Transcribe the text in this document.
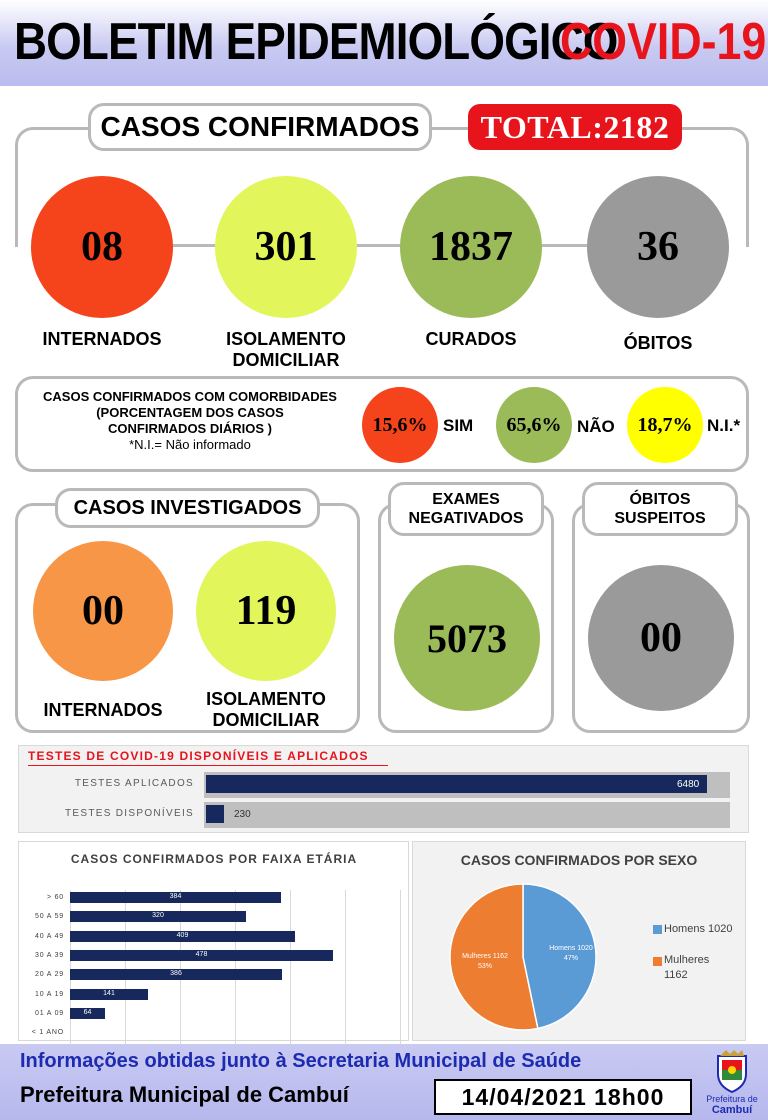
BOLETIM EPIDEMIOLÓGICO
COVID-19
CASOS CONFIRMADOS	TOTAL:2182
08	301	1837	36
INTERNADOS	ISOLAMENTO
DOMICILIAR
CURADOS	ÓBITOS
CASOS CONFIRMADOS COM COMORBIDADES
(PORCENTAGEM DOS CASOS
CONFIRMADOS DIÁRIOS )
*N.I.= Não informado
15,6% SIM 65,6% NÃO 18,7% N.I.*
CASOS INVESTIGADOS
00	119
INTERNADOS
ISOLAMENTO
DOMICILIAR
EXAMES
NEGATIVADOS
5073
ÓBITOS
SUSPEITOS
00
TESTES DE COVID-19 DISPONÍVEIS E APLICADOS
TESTES APLICADOS
TESTES DISPONÍVEIS
6480
230
CASOS CONFIRMADOS POR FAIXA ETÁRIA
> 60	384
50 A 59	320
40 A 49	409
30 A 39	478
20 A 29	386
10 A 19	141
01 A 09	64
< 1 ANO
CASOS CONFIRMADOS POR SEXO
Homens 1020
47%
Mulheres 1162
53%
Homens 1020
Mulheres
1162
Informações obtidas junto à Secretaria Municipal de Saúde
Prefeitura Municipal de Cambuí	14/04/2021 18h00	Prefeitura de
Cambuí
